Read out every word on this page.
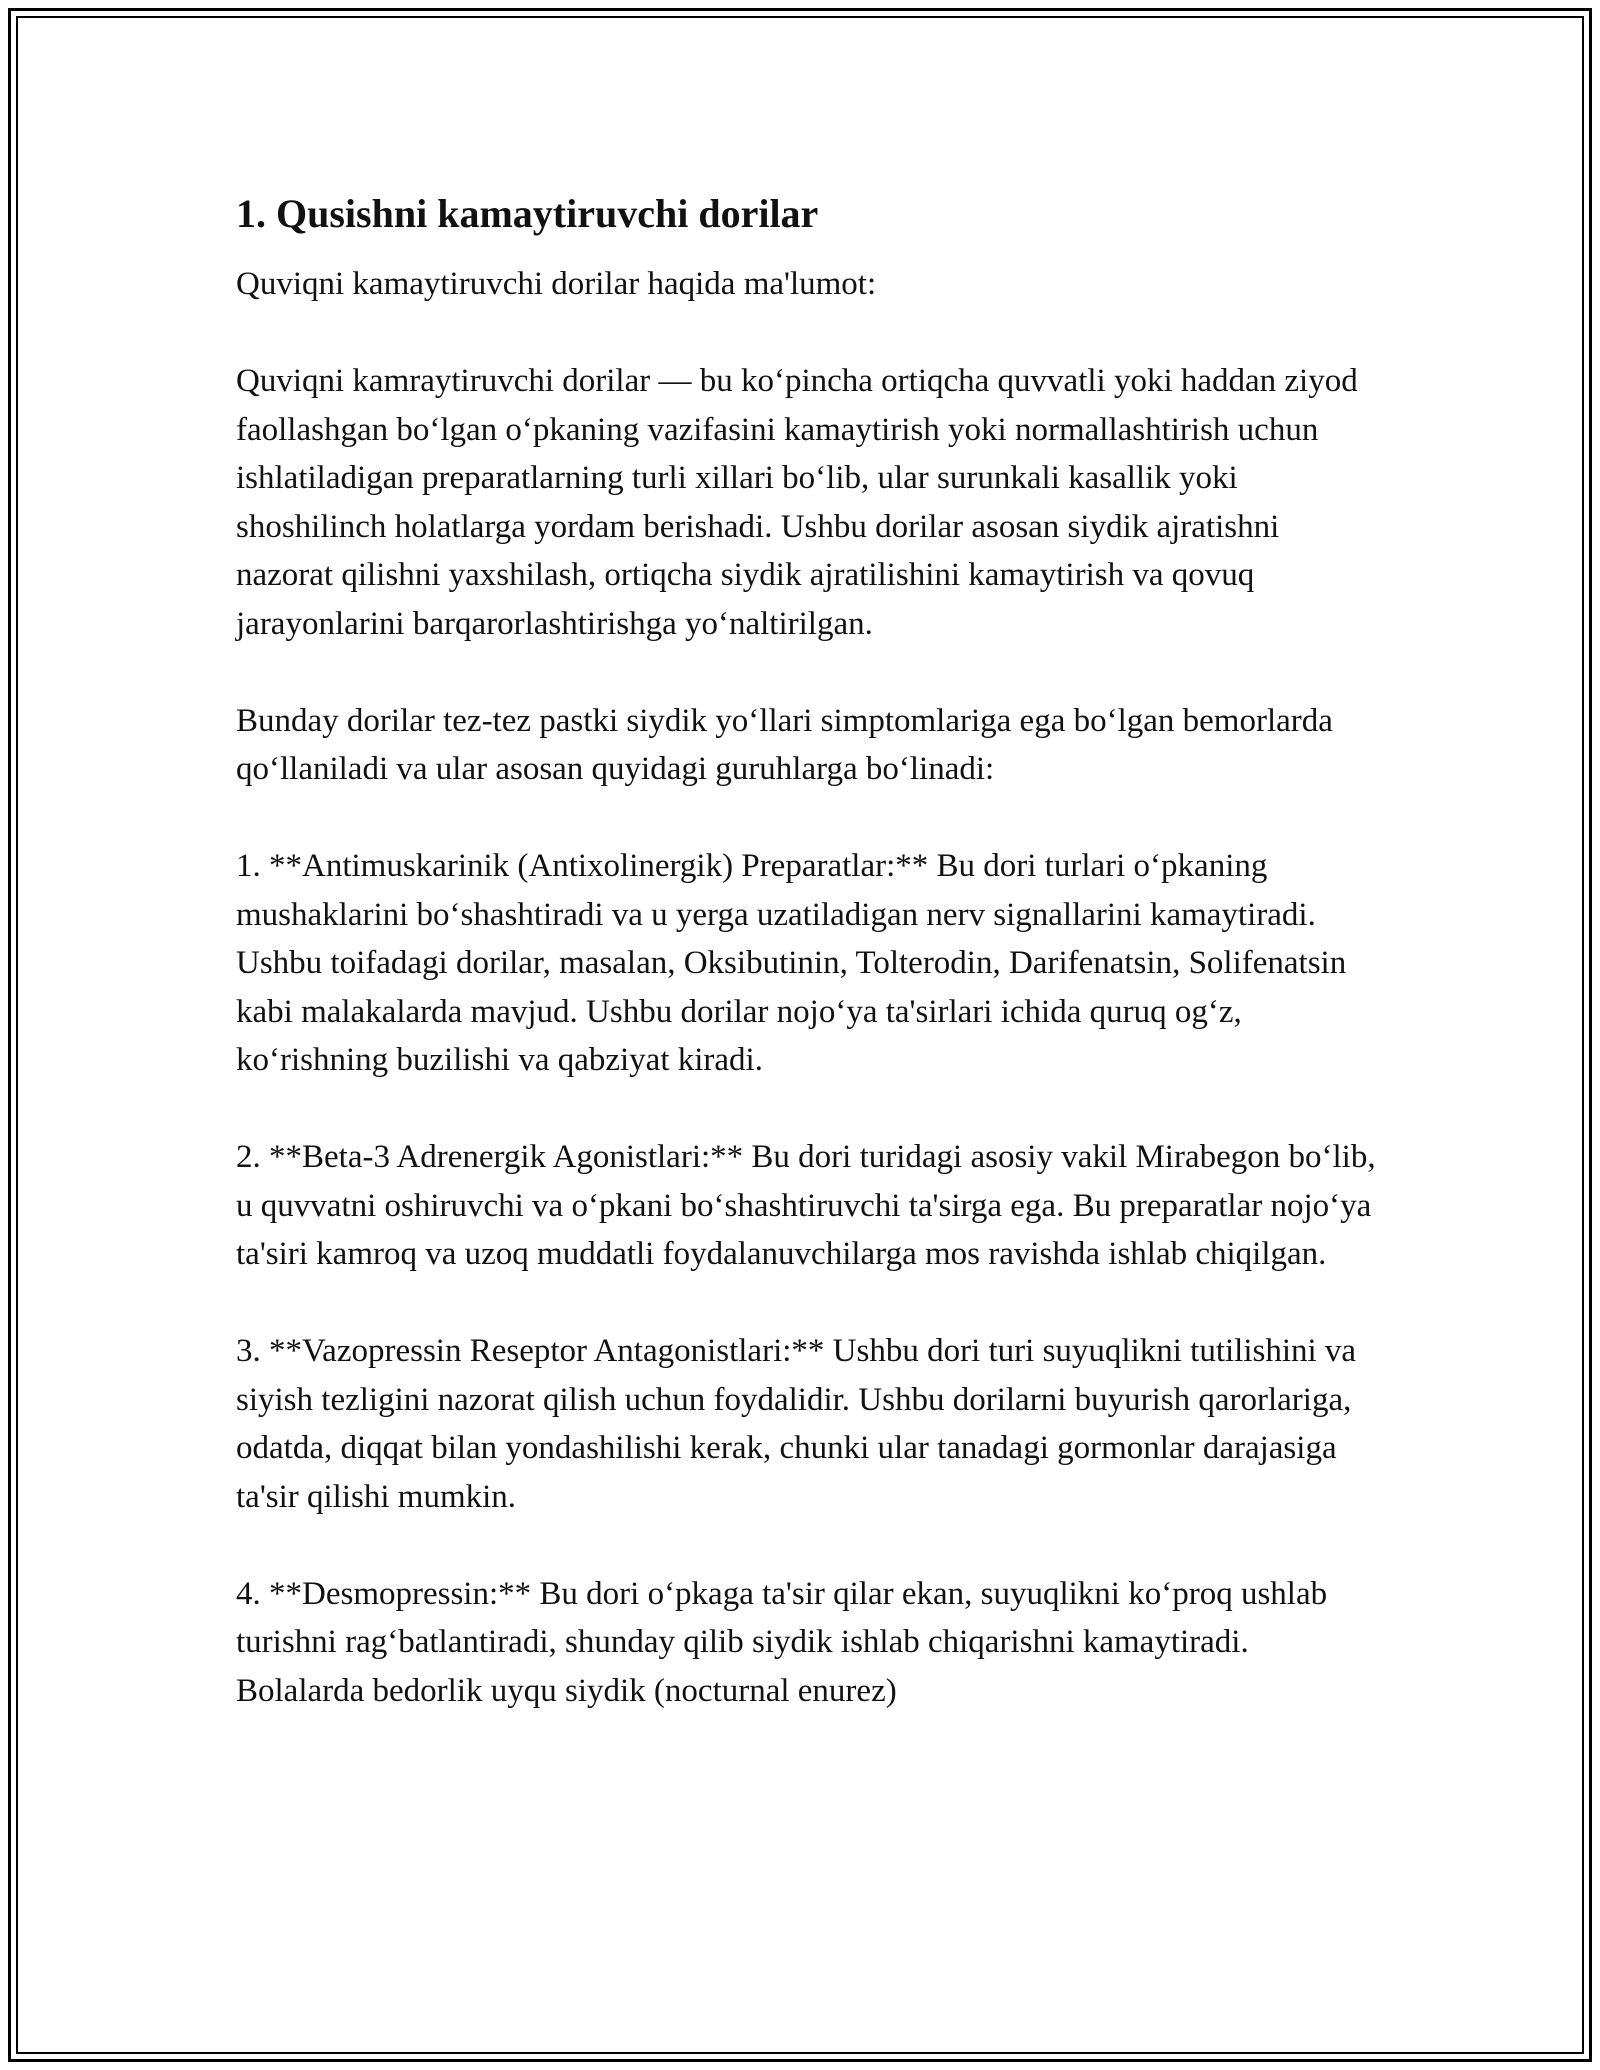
1. Qusishni kamaytiruvchi dorilar

Quviqni kamaytiruvchi dorilar haqida ma'lumot:

Quviqni kamraytiruvchi dorilar — bu ko‘pincha ortiqcha quvvatli yoki haddan ziyod faollashgan bo‘lgan o‘pkaning vazifasini kamaytirish yoki normallashtirish uchun ishlatiladigan preparatlarning turli xillari bo‘lib, ular surunkali kasallik yoki shoshilinch holatlarga yordam berishadi. Ushbu dorilar asosan siydik ajratishni nazorat qilishni yaxshilash, ortiqcha siydik ajratilishini kamaytirish va qovuq jarayonlarini barqarorlashtirishga yo‘naltirilgan.

Bunday dorilar tez-tez pastki siydik yo‘llari simptomlariga ega bo‘lgan bemorlarda qo‘llaniladi va ular asosan quyidagi guruhlarga bo‘linadi:

1. **Antimuskarinik (Antixolinergik) Preparatlar:** Bu dori turlari o‘pkaning mushaklarini bo‘shashtiradi va u yerga uzatiladigan nerv signallarini kamaytiradi. Ushbu toifadagi dorilar, masalan, Oksibutinin, Tolterodin, Darifenatsin, Solifenatsin kabi malakalarda mavjud. Ushbu dorilar nojo‘ya ta'sirlari ichida quruq og‘z, ko‘rishning buzilishi va qabziyat kiradi.

2. **Beta-3 Adrenergik Agonistlari:** Bu dori turidagi asosiy vakil Mirabegon bo‘lib, u quvvatni oshiruvchi va o‘pkani bo‘shashtiruvchi ta'sirga ega. Bu preparatlar nojo‘ya ta'siri kamroq va uzoq muddatli foydalanuvchilarga mos ravishda ishlab chiqilgan.

3. **Vazopressin Reseptor Antagonistlari:** Ushbu dori turi suyuqlikni tutilishini va siyish tezligini nazorat qilish uchun foydalidir. Ushbu dorilarni buyurish qarorlariga, odatda, diqqat bilan yondashilishi kerak, chunki ular tanadagi gormonlar darajasiga ta'sir qilishi mumkin.

4. **Desmopressin:** Bu dori o‘pkaga ta'sir qilar ekan, suyuqlikni ko‘proq ushlab turishni rag‘batlantiradi, shunday qilib siydik ishlab chiqarishni kamaytiradi. Bolalarda bedorlik uyqu siydik (nocturnal enurez)
